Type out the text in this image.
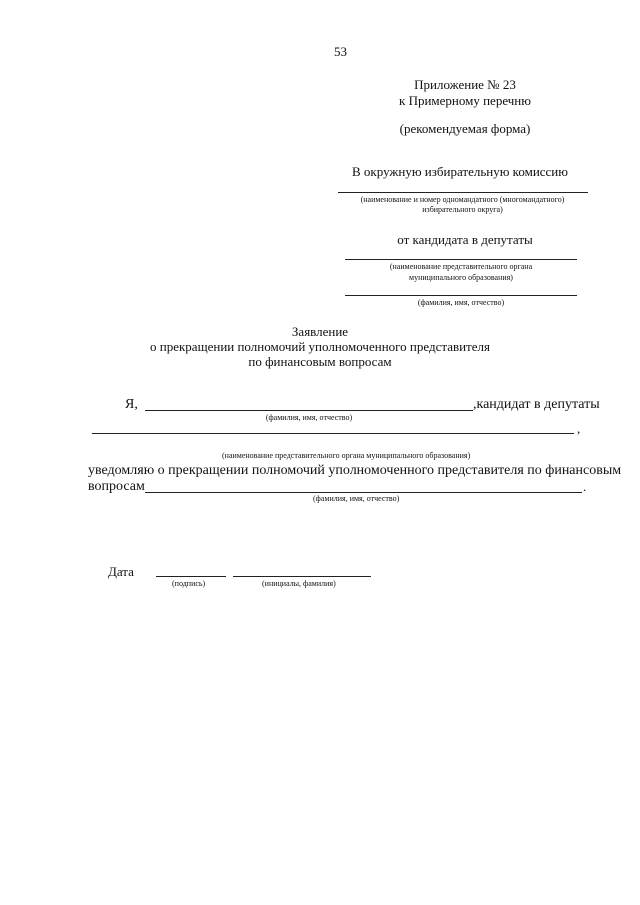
53
Приложение № 23
к Примерному перечню
(рекомендуемая форма)
В окружную избирательную комиссию
(наименование и номер одномандатного (многомандатного)
избирательного округа)
от кандидата в депутаты
(наименование представительного органа
муниципального образования)
(фамилия, имя, отчество)
Заявление
о прекращении полномочий уполномоченного представителя
по финансовым вопросам
Я,	,кандидат в депутаты
(фамилия, имя, отчество)
,
(наименование представительного органа муниципального образования)
уведомляю о прекращении полномочий уполномоченного представителя по финансовым
вопросам	.
(фамилия, имя, отчество)
Дата
(подпись)	(инициалы, фамилия)
